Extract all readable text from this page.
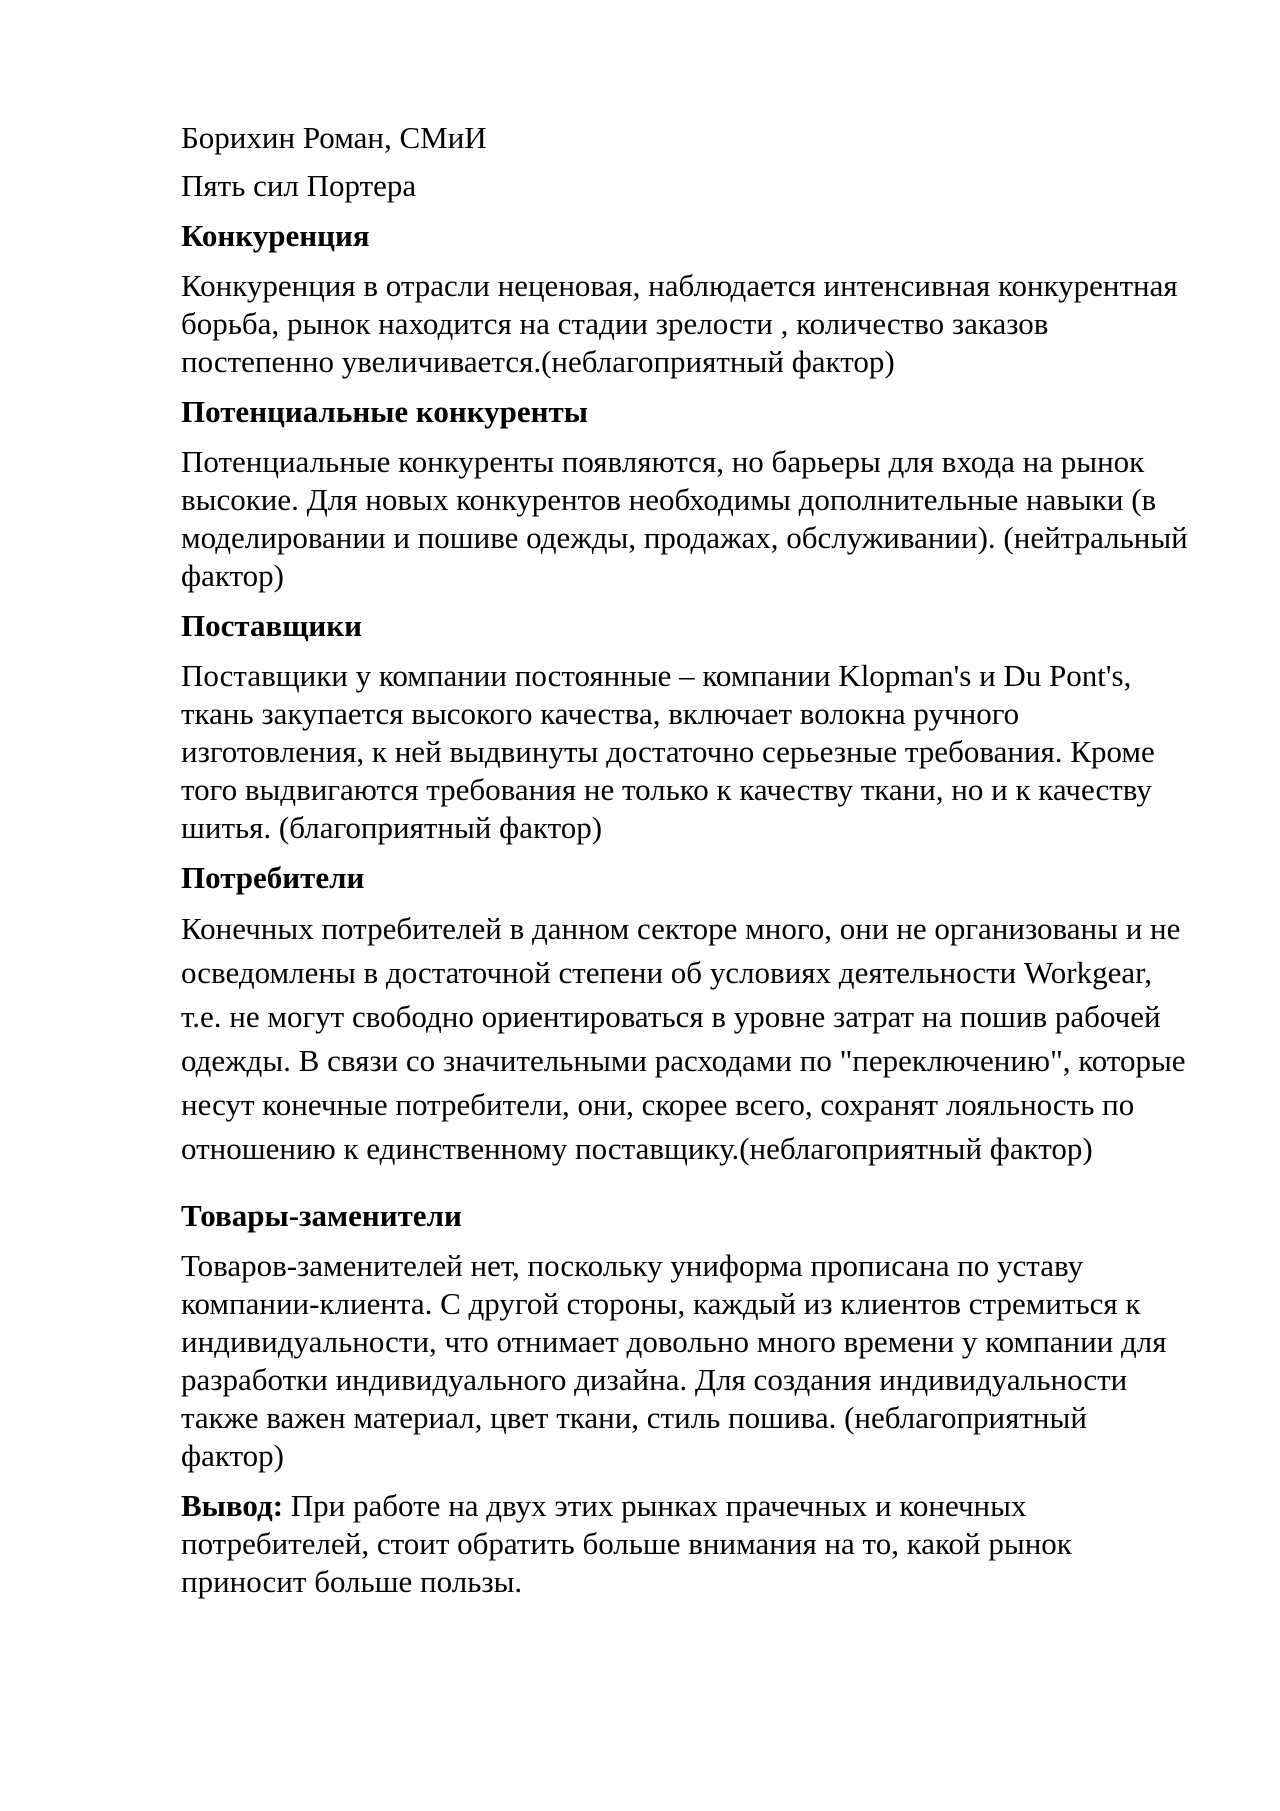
Борихин Роман, СМиИ

Пять сил Портера

Конкуренция

Конкуренция в отрасли неценовая, наблюдается интенсивная конкурентная борьба, рынок находится на стадии зрелости , количество заказов постепенно увеличивается.(неблагоприятный фактор)

Потенциальные конкуренты

Потенциальные конкуренты появляются, но барьеры для входа на рынок высокие. Для новых конкурентов необходимы дополнительные навыки (в моделировании и пошиве одежды, продажах, обслуживании). (нейтральный фактор)

Поставщики

Поставщики у компании постоянные – компании Klopman's и Du Pont's, ткань закупается высокого качества, включает волокна ручного изготовления, к ней выдвинуты достаточно серьезные требования. Кроме того выдвигаются требования не только к качеству ткани, но и к качеству шитья. (благоприятный фактор)

Потребители

Конечных потребителей в данном секторе много, они не организованы и не осведомлены в достаточной степени об условиях деятельности Workgear, т.е. не могут свободно ориентироваться в уровне затрат на пошив рабочей одежды. В связи со значительными расходами по "переключению", которые несут конечные потребители, они, скорее всего, сохранят лояльность по отношению к единственному поставщику.(неблагоприятный фактор)

Товары-заменители

Товаров-заменителей нет, поскольку униформа прописана по уставу компании-клиента. С другой стороны, каждый из клиентов стремиться к индивидуальности, что отнимает довольно много времени у компании для разработки индивидуального дизайна. Для создания индивидуальности также важен материал, цвет ткани, стиль пошива. (неблагоприятный фактор)

Вывод: При работе на двух этих рынках прачечных и конечных потребителей, стоит обратить больше внимания на то, какой рынок приносит больше пользы.
